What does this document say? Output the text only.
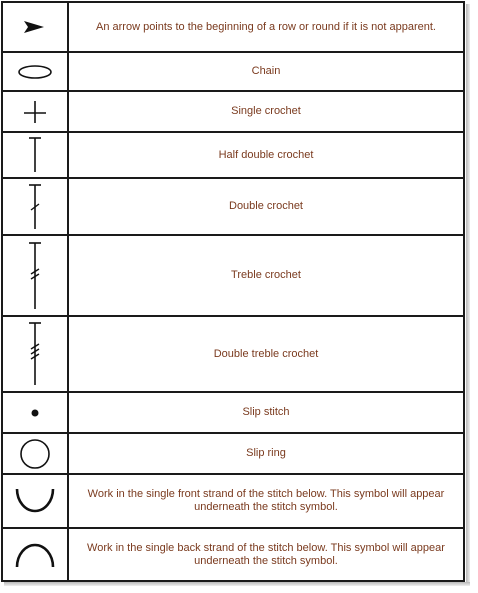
	An arrow points to the beginning of a row or round if it is not apparent.

	Chain

	Single crochet

	Half double crochet

	Double crochet

	Treble crochet

	Double treble crochet

	Slip stitch

	Slip ring

	Work in the single front strand of the stitch below. This symbol will appear underneath the stitch symbol.

	Work in the single back strand of the stitch below. This symbol will appear underneath the stitch symbol.
